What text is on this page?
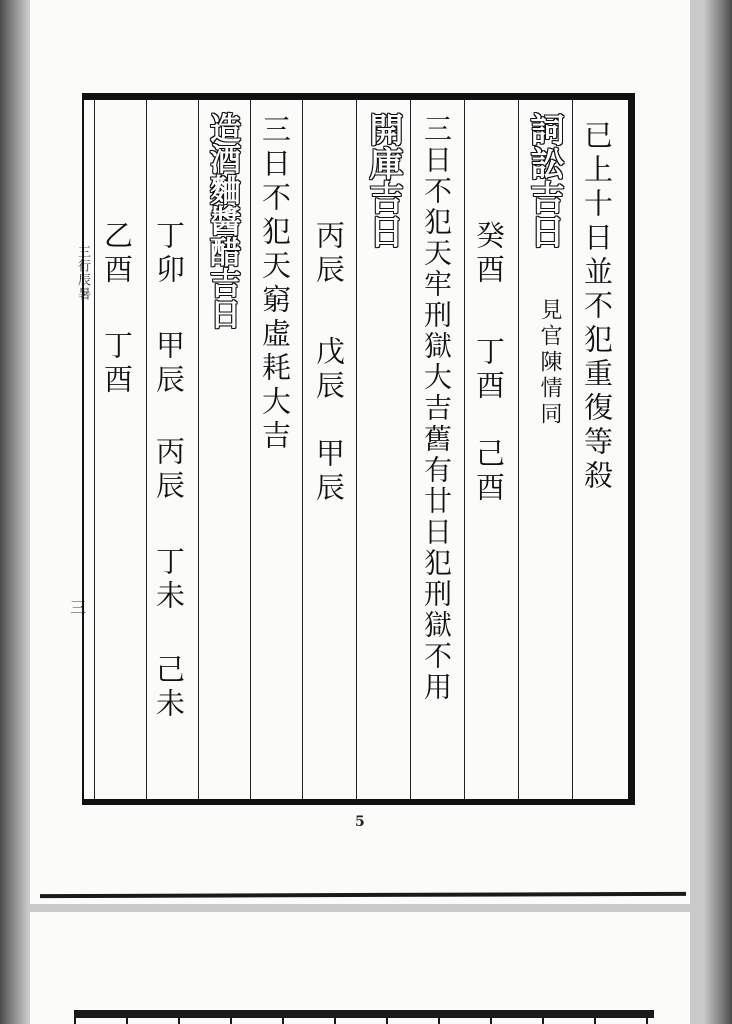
三行辰暑
三
已上十日並不犯重復等殺
詞訟吉日
見官陳情同
癸酉
丁酉
己酉
三日不犯天牢刑獄大吉舊有廿日犯刑獄不用
開庫吉日
丙辰
戊辰
甲辰
三日不犯天窮虛耗大吉
造酒麯醬醋吉日
丁卯
甲辰
丙辰
丁未
己未
乙酉
丁酉
5
